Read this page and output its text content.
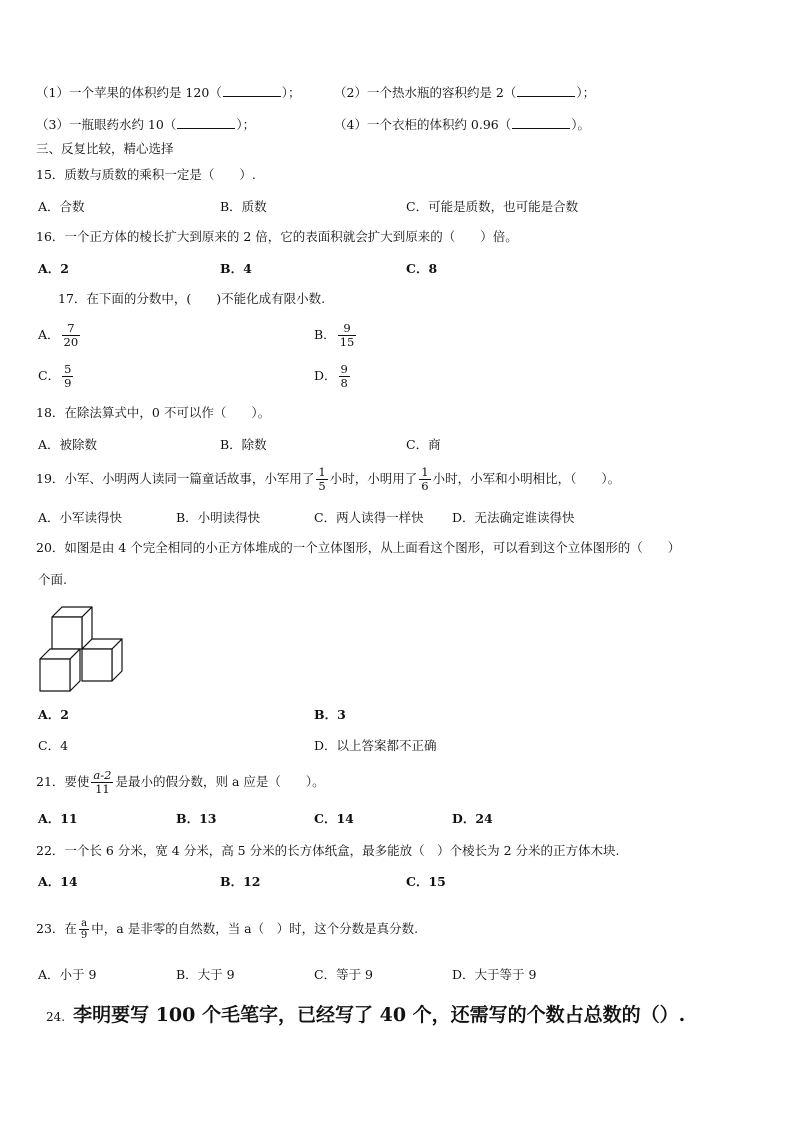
（1）一个苹果的体积约是 120（	）；	（2）一个热水瓶的容积约是 2（	）；
（3）一瓶眼药水约 10（	）；	（4）一个衣柜的体积约 0.96（	）。
三、反复比较，精心选择
15．质数与质数的乘积一定是（　　）.
A．合数	B．质数	C．可能是质数，也可能是合数
16．一个正方体的棱长扩大到原来的 2 倍，它的表面积就会扩大到原来的（　　）倍。
A．2	B．4	C．8
17．在下面的分数中，(　　)不能化成有限小数.
A． $\frac{7}{20}$	B． $\frac{9}{15}$
C． $\frac{5}{9}$	D． $\frac{9}{8}$
18．在除法算式中，0 不可以作（　　）。
A．被除数	B．除数	C．商
19．小军、小明两人读同一篇童话故事，小军用了 $\frac{1}{5}$ 小时，小明用了 $\frac{1}{6}$ 小时，小军和小明相比，（　　）。
A．小军读得快	B．小明读得快	C．两人读得一样快 D．无法确定谁读得快
20．如图是由 4 个完全相同的小正方体堆成的一个立体图形，从上面看这个图形，可以看到这个立体图形的（　　）
个面.
A．2	B．3
C．4	D．以上答案都不正确
21．要使 $\frac{a-2}{11}$ 是最小的假分数，则 a 应是（　　）。
A．11	B．13	C．14	D．24
22．一个长 6 分米，宽 4 分米，高 5 分米的长方体纸盒，最多能放（　）个棱长为 2 分米的正方体木块.
A．14	B．12	C．15
23．在 $\frac{a}{9}$ 中，a 是非零的自然数，当 a（　）时，这个分数是真分数.
A．小于 9	B．大于 9	C．等于 9	D．大于等于 9
24. 李明要写 100 个毛笔字，已经写了 40 个，还需写的个数占总数的（）.
